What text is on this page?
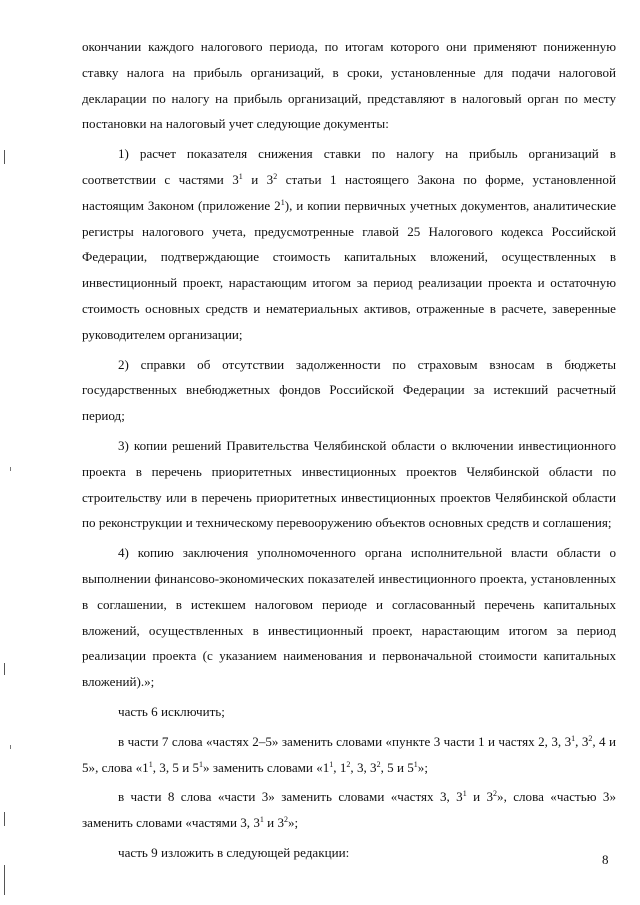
окончании каждого налогового периода, по итогам которого они применяют пониженную ставку налога на прибыль организаций, в сроки, установленные для подачи налоговой декларации по налогу на прибыль организаций, представляют в налоговый орган по месту постановки на налоговый учет следующие документы:

1) расчет показателя снижения ставки по налогу на прибыль организаций в соответствии с частями $3^1$ и $3^2$ статьи 1 настоящего Закона по форме, установленной настоящим Законом (приложение $2^1$), и копии первичных учетных документов, аналитические регистры налогового учета, предусмотренные главой 25 Налогового кодекса Российской Федерации, подтверждающие стоимость капитальных вложений, осуществленных в инвестиционный проект, нарастающим итогом за период реализации проекта и остаточную стоимость основных средств и нематериальных активов, отраженные в расчете, заверенные руководителем организации;

2) справки об отсутствии задолженности по страховым взносам в бюджеты государственных внебюджетных фондов Российской Федерации за истекший расчетный период;

3) копии решений Правительства Челябинской области о включении инвестиционного проекта в перечень приоритетных инвестиционных проектов Челябинской области по строительству или в перечень приоритетных инвестиционных проектов Челябинской области по реконструкции и техническому перевооружению объектов основных средств и соглашения;

4) копию заключения уполномоченного органа исполнительной власти области о выполнении финансово-экономических показателей инвестиционного проекта, установленных в соглашении, в истекшем налоговом периоде и согласованный перечень капитальных вложений, осуществленных в инвестиционный проект, нарастающим итогом за период реализации проекта (с указанием наименования и первоначальной стоимости капитальных вложений).»;

часть 6 исключить;

в части 7 слова «частях 2–5» заменить словами «пункте 3 части 1 и частях 2, 3, $3^1$, $3^2$, 4 и 5», слова «$1^1$, 3, 5 и $5^1$» заменить словами «$1^1$, $1^2$, 3, $3^2$, 5 и $5^1$»;

в части 8 слова «части 3» заменить словами «частях 3, $3^1$ и $3^2$», слова «частью 3» заменить словами «частями 3, $3^1$ и $3^2$»;

часть 9 изложить в следующей редакции:	8
